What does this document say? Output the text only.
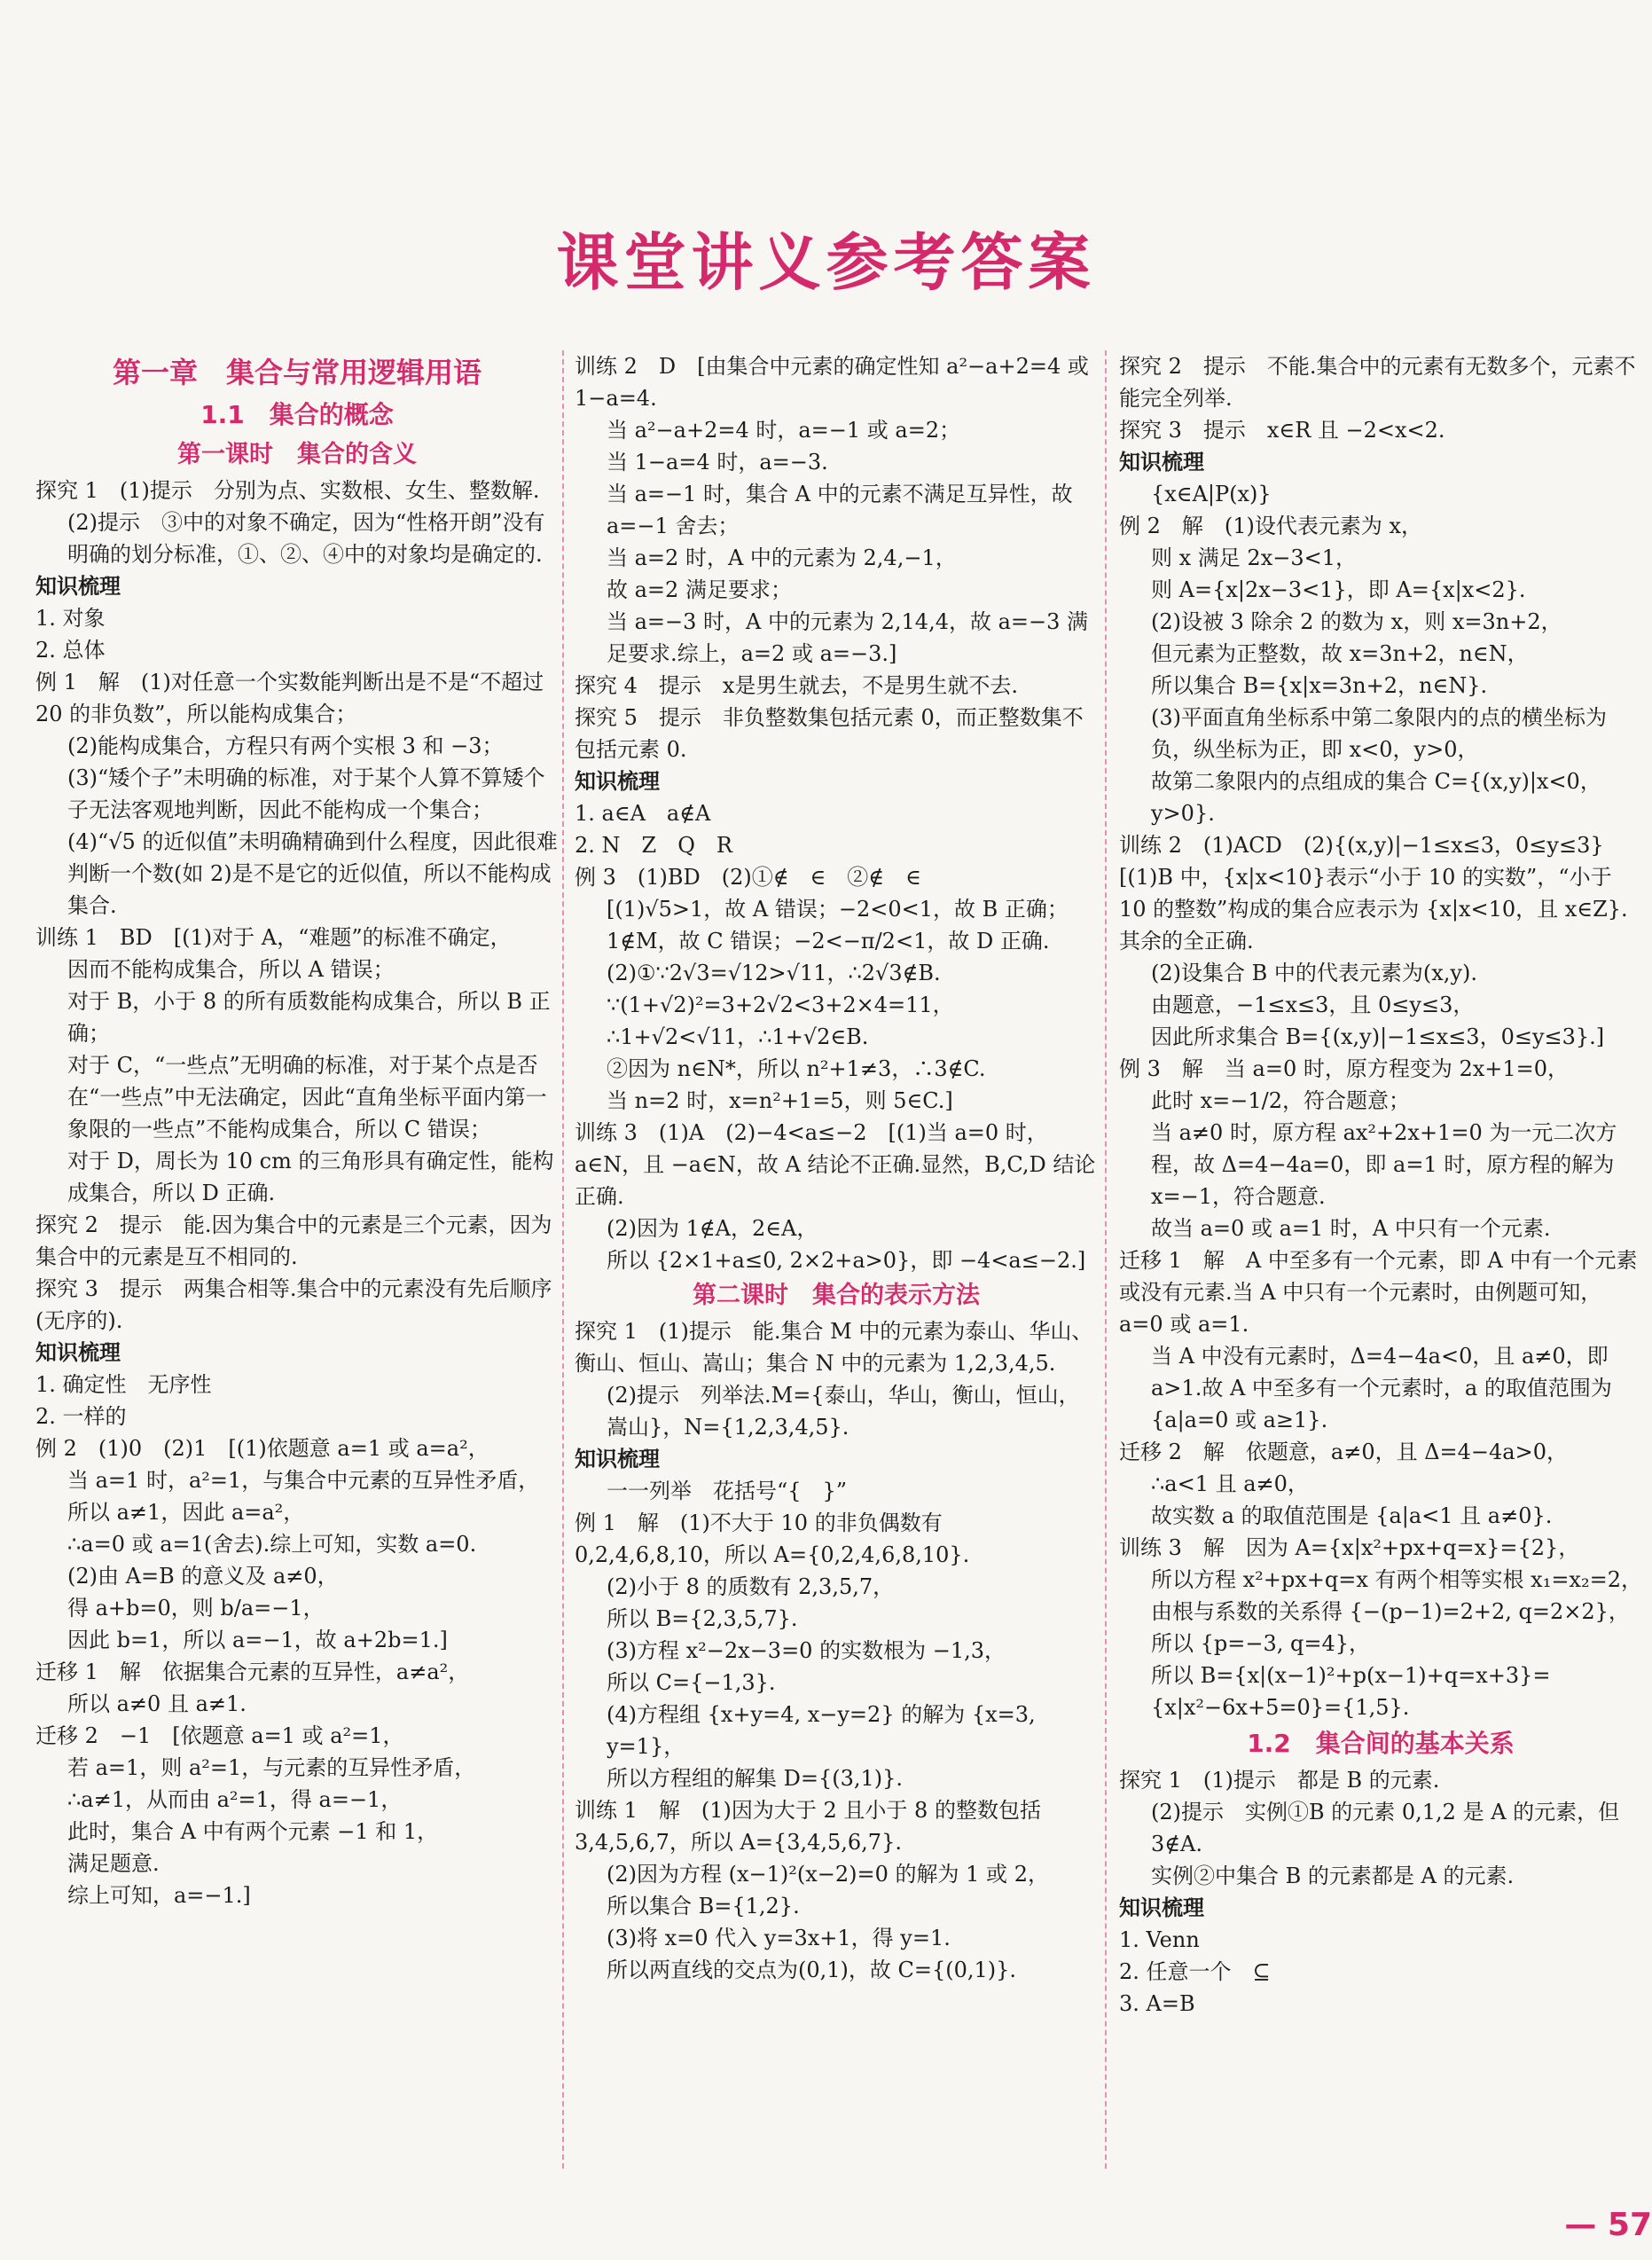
课堂讲义参考答案
第一章　集合与常用逻辑用语
1.1　集合的概念
第一课时　集合的含义
探究 1　(1)提示　分别为点、实数根、女生、整数解.
(2)提示　③中的对象不确定，因为“性格开朗”没有明确的划分标准，①、②、④中的对象均是确定的.
知识梳理
1. 对象
2. 总体
例 1　解　(1)对任意一个实数能判断出是不是“不超过 20 的非负数”，所以能构成集合；
(2)能构成集合，方程只有两个实根 3 和 −3；
(3)“矮个子”未明确的标准，对于某个人算不算矮个子无法客观地判断，因此不能构成一个集合；
(4)“√5 的近似值”未明确精确到什么程度，因此很难判断一个数(如 2)是不是它的近似值，所以不能构成集合.
训练 1　BD　[(1)对于 A，“难题”的标准不确定，
因而不能构成集合，所以 A 错误；
对于 B，小于 8 的所有质数能构成集合，所以 B 正确；
对于 C，“一些点”无明确的标准，对于某个点是否在“一些点”中无法确定，因此“直角坐标平面内第一象限的一些点”不能构成集合，所以 C 错误；
对于 D，周长为 10 cm 的三角形具有确定性，能构成集合，所以 D 正确.
探究 2　提示　能.因为集合中的元素是三个元素，因为集合中的元素是互不相同的.
探究 3　提示　两集合相等.集合中的元素没有先后顺序(无序的).
知识梳理
1. 确定性　无序性
2. 一样的
例 2　(1)0　(2)1　[(1)依题意 a=1 或 a=a²，
当 a=1 时，a²=1，与集合中元素的互异性矛盾，
所以 a≠1，因此 a=a²，
∴a=0 或 a=1(舍去).综上可知，实数 a=0.
(2)由 A=B 的意义及 a≠0，
得 a+b=0，则 b/a=−1，
因此 b=1，所以 a=−1，故 a+2b=1.]
迁移 1　解　依据集合元素的互异性，a≠a²，
所以 a≠0 且 a≠1.
迁移 2　−1　[依题意 a=1 或 a²=1，
若 a=1，则 a²=1，与元素的互异性矛盾，
∴a≠1，从而由 a²=1，得 a=−1，
此时，集合 A 中有两个元素 −1 和 1，
满足题意.
综上可知，a=−1.]
训练 2　D　[由集合中元素的确定性知 a²−a+2=4 或 1−a=4.
当 a²−a+2=4 时，a=−1 或 a=2；
当 1−a=4 时，a=−3.
当 a=−1 时，集合 A 中的元素不满足互异性，故 a=−1 舍去；
当 a=2 时，A 中的元素为 2,4,−1，
故 a=2 满足要求；
当 a=−3 时，A 中的元素为 2,14,4，故 a=−3 满足要求.综上，a=2 或 a=−3.]
探究 4　提示　x是男生就去，不是男生就不去.
探究 5　提示　非负整数集包括元素 0，而正整数集不包括元素 0.
知识梳理
1. a∈A　a∉A
2. N　Z　Q　R
例 3　(1)BD　(2)①∉　∈　②∉　∈
[(1)√5>1，故 A 错误；−2<0<1，故 B 正确；
1∉M，故 C 错误；−2<−π/2<1，故 D 正确.
(2)①∵2√3=√12>√11，∴2√3∉B.
∵(1+√2)²=3+2√2<3+2×4=11，
∴1+√2<√11，∴1+√2∈B.
②因为 n∈N*，所以 n²+1≠3，∴3∉C.
当 n=2 时，x=n²+1=5，则 5∈C.]
训练 3　(1)A　(2)−4<a≤−2　[(1)当 a=0 时，a∈N，且 −a∈N，故 A 结论不正确.显然，B,C,D 结论正确.
(2)因为 1∉A，2∈A，
所以 {2×1+a≤0, 2×2+a>0}，即 −4<a≤−2.]
第二课时　集合的表示方法
探究 1　(1)提示　能.集合 M 中的元素为泰山、华山、衡山、恒山、嵩山；集合 N 中的元素为 1,2,3,4,5.
(2)提示　列举法.M={泰山，华山，衡山，恒山，嵩山}，N={1,2,3,4,5}.
知识梳理
一一列举　花括号“{　}”
例 1　解　(1)不大于 10 的非负偶数有 0,2,4,6,8,10，所以 A={0,2,4,6,8,10}.
(2)小于 8 的质数有 2,3,5,7，
所以 B={2,3,5,7}.
(3)方程 x²−2x−3=0 的实数根为 −1,3，
所以 C={−1,3}.
(4)方程组 {x+y=4, x−y=2} 的解为 {x=3, y=1}，
所以方程组的解集 D={(3,1)}.
训练 1　解　(1)因为大于 2 且小于 8 的整数包括 3,4,5,6,7，所以 A={3,4,5,6,7}.
(2)因为方程 (x−1)²(x−2)=0 的解为 1 或 2，
所以集合 B={1,2}.
(3)将 x=0 代入 y=3x+1，得 y=1.
所以两直线的交点为(0,1)，故 C={(0,1)}.
探究 2　提示　不能.集合中的元素有无数多个，元素不能完全列举.
探究 3　提示　x∈R 且 −2<x<2.
知识梳理
{x∈A|P(x)}
例 2　解　(1)设代表元素为 x，
则 x 满足 2x−3<1，
则 A={x|2x−3<1}，即 A={x|x<2}.
(2)设被 3 除余 2 的数为 x，则 x=3n+2，
但元素为正整数，故 x=3n+2，n∈N，
所以集合 B={x|x=3n+2，n∈N}.
(3)平面直角坐标系中第二象限内的点的横坐标为负，纵坐标为正，即 x<0，y>0，
故第二象限内的点组成的集合 C={(x,y)|x<0，y>0}.
训练 2　(1)ACD　(2){(x,y)|−1≤x≤3，0≤y≤3}　[(1)B 中，{x|x<10}表示“小于 10 的实数”，“小于 10 的整数”构成的集合应表示为 {x|x<10，且 x∈Z}.其余的全正确.
(2)设集合 B 中的代表元素为(x,y).
由题意，−1≤x≤3，且 0≤y≤3，
因此所求集合 B={(x,y)|−1≤x≤3，0≤y≤3}.]
例 3　解　当 a=0 时，原方程变为 2x+1=0，
此时 x=−1/2，符合题意；
当 a≠0 时，原方程 ax²+2x+1=0 为一元二次方程，故 Δ=4−4a=0，即 a=1 时，原方程的解为 x=−1，符合题意.
故当 a=0 或 a=1 时，A 中只有一个元素.
迁移 1　解　A 中至多有一个元素，即 A 中有一个元素或没有元素.当 A 中只有一个元素时，由例题可知，a=0 或 a=1.
当 A 中没有元素时，Δ=4−4a<0，且 a≠0，即 a>1.故 A 中至多有一个元素时，a 的取值范围为 {a|a=0 或 a≥1}.
迁移 2　解　依题意，a≠0，且 Δ=4−4a>0，
∴a<1 且 a≠0，
故实数 a 的取值范围是 {a|a<1 且 a≠0}.
训练 3　解　因为 A={x|x²+px+q=x}={2}，
所以方程 x²+px+q=x 有两个相等实根 x₁=x₂=2，
由根与系数的关系得 {−(p−1)=2+2, q=2×2}，
所以 {p=−3, q=4}，
所以 B={x|(x−1)²+p(x−1)+q=x+3}={x|x²−6x+5=0}={1,5}.
1.2　集合间的基本关系
探究 1　(1)提示　都是 B 的元素.
(2)提示　实例①B 的元素 0,1,2 是 A 的元素，但 3∉A.
实例②中集合 B 的元素都是 A 的元素.
知识梳理
1. Venn
2. 任意一个　⊆
3. A=B
— 57
